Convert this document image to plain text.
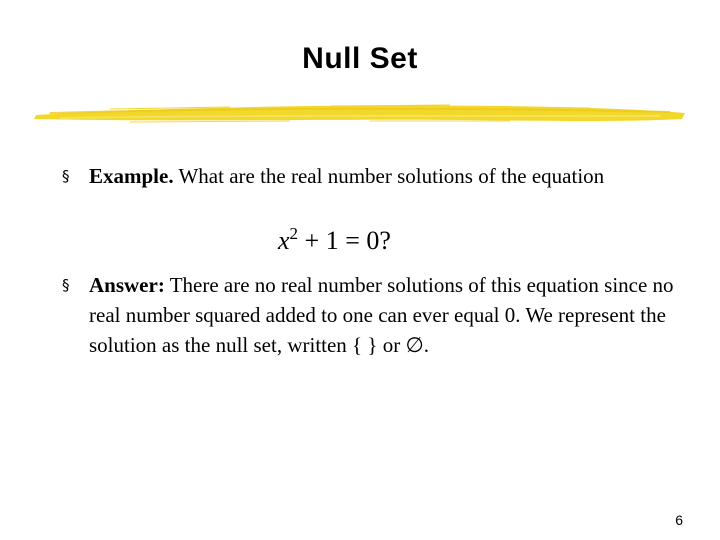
Null Set
§ Example. What are the real number solutions of the equation
$x^2 + 1 = 0$?
§ Answer: There are no real number solutions of this equation since no real number squared added to one can ever equal 0. We represent the solution as the null set, written { } or ∅.
6
